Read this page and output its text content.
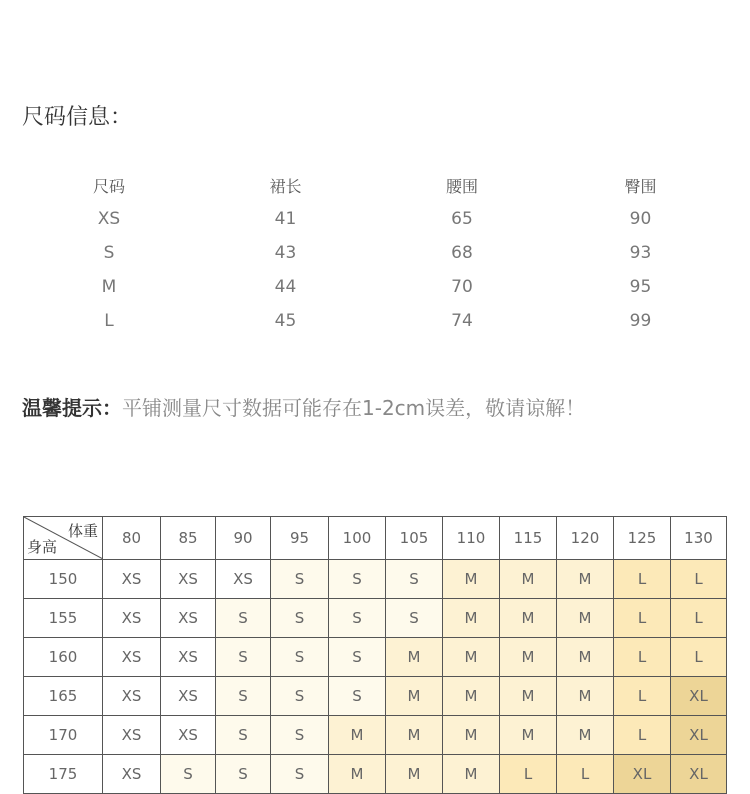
尺码信息：
尺码	裙长	腰围	臀围
XS	41	65	90
S	43	68	93
M	44	70	95
L	45	74	99
温馨提示：平铺测量尺寸数据可能存在1-2cm误差，敬请谅解！
体重
身高	80	85	90	95	100	105	110	115	120	125	130
150	XS	XS	XS	S	S	S	M	M	M	L	L
155	XS	XS	S	S	S	S	M	M	M	L	L
160	XS	XS	S	S	S	M	M	M	M	L	L
165	XS	XS	S	S	S	M	M	M	M	L	XL
170	XS	XS	S	S	M	M	M	M	M	L	XL
175	XS	S	S	S	M	M	M	L	L	XL	XL
